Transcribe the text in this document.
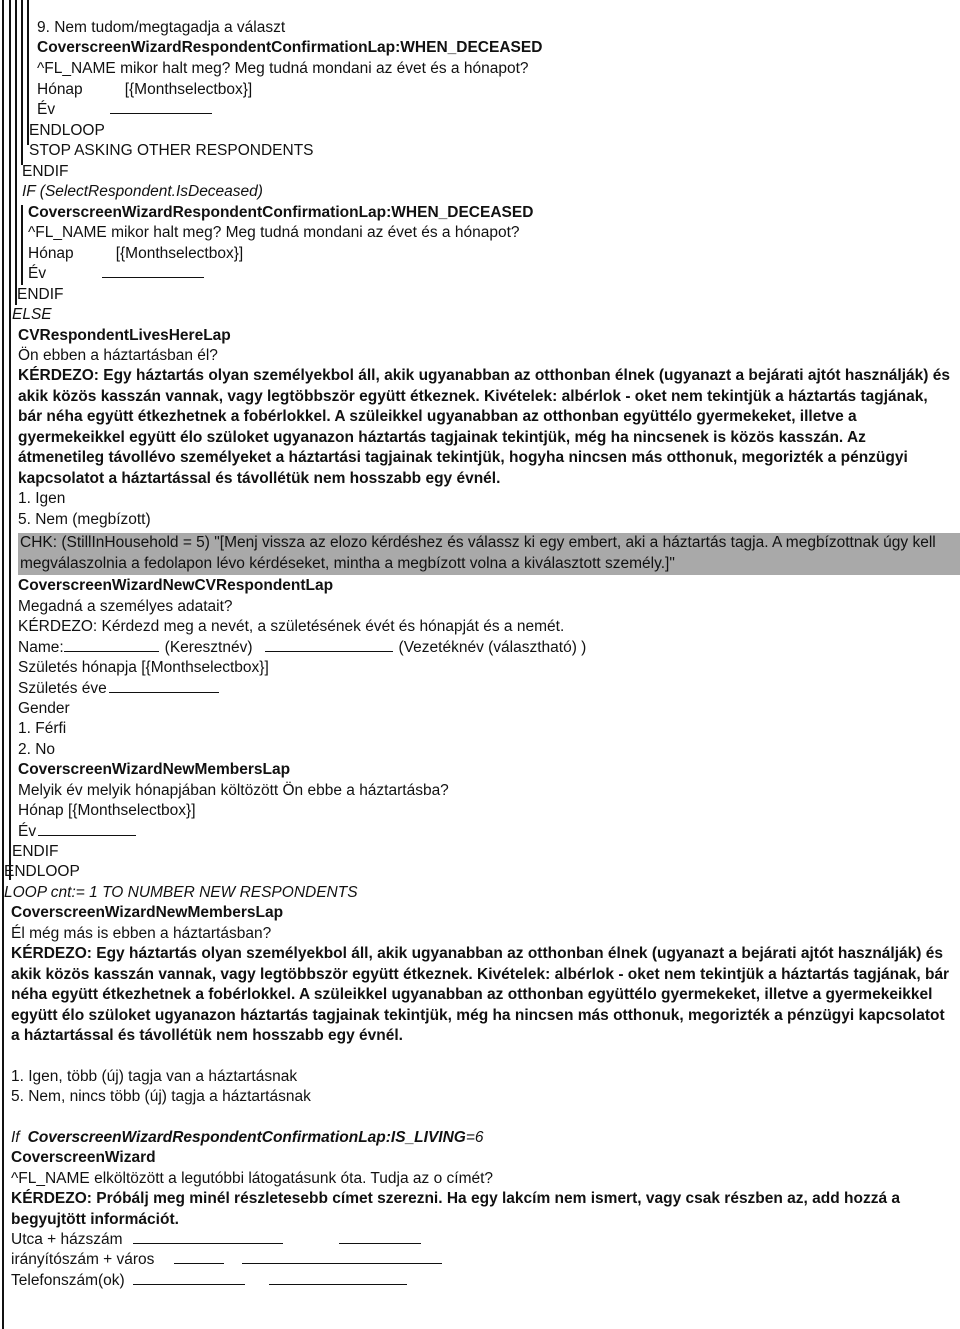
9. Nem tudom/megtagadja a választ
CoverscreenWizardRespondentConfirmationLap:WHEN_DECEASED
^FL_NAME mikor halt meg? Meg tudná mondani az évet és a hónapot?
Hónap	[{Monthselectbox}]
Év
ENDLOOP
STOP ASKING OTHER RESPONDENTS
ENDIF
IF (SelectRespondent.IsDeceased)
CoverscreenWizardRespondentConfirmationLap:WHEN_DECEASED
^FL_NAME mikor halt meg? Meg tudná mondani az évet és a hónapot?
Hónap	[{Monthselectbox}]
Év
ENDIF
ELSE
CVRespondentLivesHereLap
Ön ebben a háztartásban él?
KÉRDEZO: Egy háztartás olyan személyekbol áll, akik ugyanabban az otthonban élnek (ugyanazt a bejárati ajtót használják) és akik közös kasszán vannak, vagy legtöbbször együtt étkeznek. Kivételek: albérlok - oket nem tekintjük a háztartás tagjának, bár néha együtt étkezhetnek a fobérlokkel. A szüleikkel ugyanabban az otthonban együttélo gyermekeket, illetve a gyermekeikkel együtt élo szüloket ugyanazon háztartás tagjainak tekintjük, még ha nincsenek is közös kasszán. Az átmenetileg távollévo személyeket a háztartási tagjainak tekintjük, hogyha nincsen más otthonuk, megorizték a pénzügyi kapcsolatot a háztartással és távollétük nem hosszabb egy évnél.
1. Igen
5. Nem (megbízott)
CHK: (StillInHousehold = 5) "[Menj vissza az elozo kérdéshez és válassz ki egy embert, aki a háztartás tagja. A megbízottnak úgy kell megválaszolnia a fedolapon lévo kérdéseket, mintha a megbízott volna a kiválasztott személy.]"
CoverscreenWizardNewCVRespondentLap
Megadná a személyes adatait?
KÉRDEZO: Kérdezd meg a nevét, a születésének évét és hónapját és a nemét.
Name:	(Keresztnév)	(Vezetéknév (választható) )
Születés hónapja [{Monthselectbox}]
Születés éve
Gender
1. Férfi
2. No
CoverscreenWizardNewMembersLap
Melyik év melyik hónapjában költözött Ön ebbe a háztartásba?
Hónap [{Monthselectbox}]
Év
ENDIF
ENDLOOP
LOOP cnt:= 1 TO NUMBER NEW RESPONDENTS
CoverscreenWizardNewMembersLap
Él még más is ebben a háztartásban?
KÉRDEZO: Egy háztartás olyan személyekbol áll, akik ugyanabban az otthonban élnek (ugyanazt a bejárati ajtót használják) és akik közös kasszán vannak, vagy legtöbbször együtt étkeznek. Kivételek: albérlok - oket nem tekintjük a háztartás tagjának, bár néha együtt étkezhetnek a fobérlokkel. A szüleikkel ugyanabban az otthonban együttélo gyermekeket, illetve a gyermekeikkel együtt élo szüloket ugyanazon háztartás tagjainak tekintjük, még ha nincsen más otthonuk, megorizték a pénzügyi kapcsolatot a háztartással és távollétük nem hosszabb egy évnél.
1. Igen, több (új) tagja van a háztartásnak
5. Nem, nincs több (új) tagja a háztartásnak
If CoverscreenWizardRespondentConfirmationLap:IS_LIVING=6
CoverscreenWizard
^FL_NAME elköltözött a legutóbbi látogatásunk óta. Tudja az o címét?
KÉRDEZO: Próbálj meg minél részletesebb címet szerezni. Ha egy lakcím nem ismert, vagy csak részben az, add hozzá a begyujtött információt.
Utca + házszám
irányítószám + város
Telefonszám(ok)
